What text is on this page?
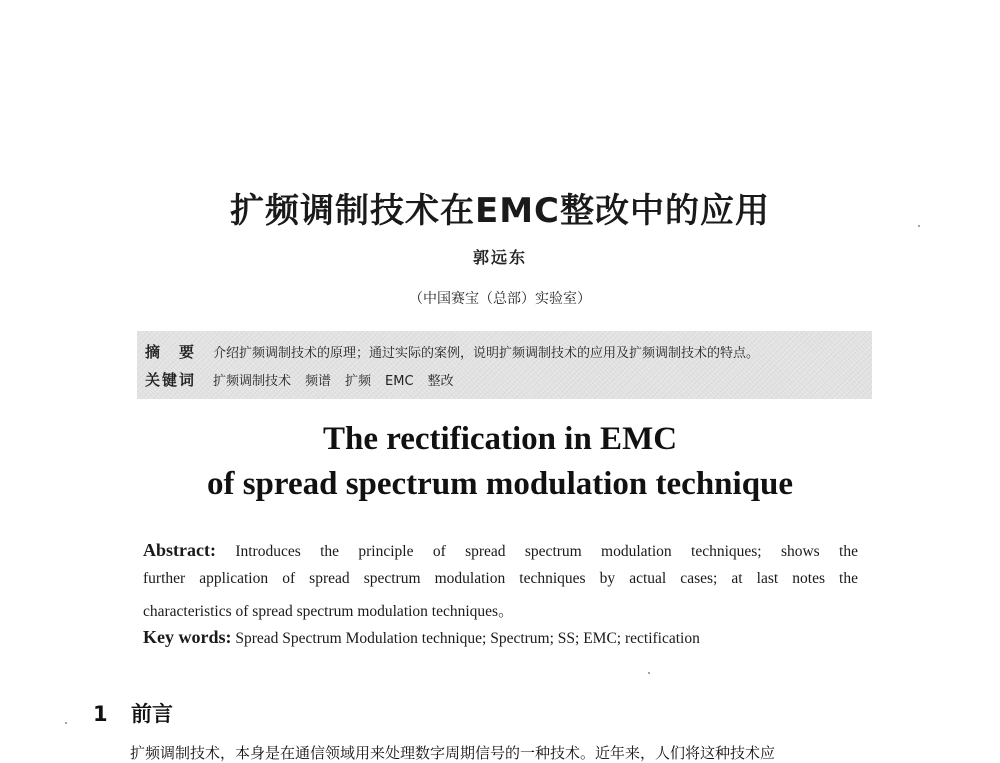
扩频调制技术在EMC整改中的应用
郭远东
（中国赛宝（总部）实验室）
摘　要 介绍扩频调制技术的原理；通过实际的案例，说明扩频调制技术的应用及扩频调制技术的特点。
关键词 扩频调制技术 频谱 扩频 EMC 整改
The rectification in EMC
of spread spectrum modulation technique
Abstract: Introduces the principle of spread spectrum modulation techniques; shows the
further application of spread spectrum modulation techniques by actual cases; at last notes the
characteristics of spread spectrum modulation techniques。
Key words: Spread Spectrum Modulation technique; Spectrum; SS; EMC; rectification
1 前言
扩频调制技术，本身是在通信领域用来处理数字周期信号的一种技术。近年来，人们将这种技术应
